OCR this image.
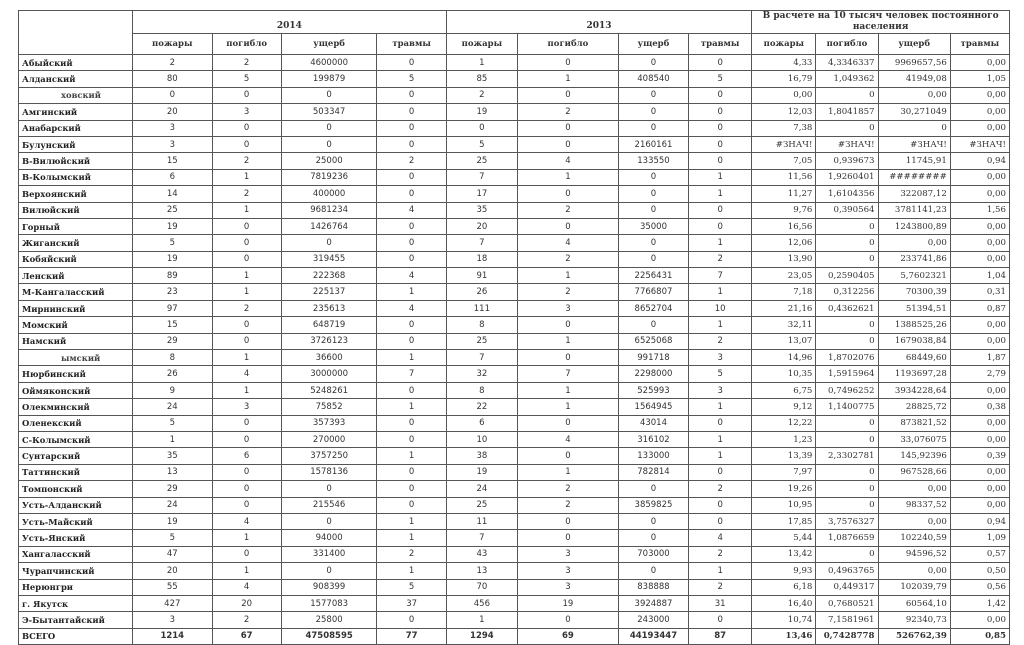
	2014				2013				В расчете на 10 тысяч человек постоянного населения			
	пожары	погибло	ущерб	травмы	пожары	погибло	ущерб	травмы	пожары	погибло	ущерб	травмы
Абыйский	2	2	4600000	0	1	0	0	0	4,33	4,3346337	9969657,56	0,00
Алданский	80	5	199879	5	85	1	408540	5	16,79	1,049362	41949,08	1,05
ховский	0	0	0	0	2	0	0	0	0,00	0	0,00	0,00
Амгинский	20	3	503347	0	19	2	0	0	12,03	1,8041857	30,271049	0,00
Анабарский	3	0	0	0	0	0	0	0	7,38	0	0	0,00
Булунский	3	0	0	0	5	0	2160161	0	#ЗНАЧ!	#ЗНАЧ!	#ЗНАЧ!	#ЗНАЧ!
В-Вилюйский	15	2	25000	2	25	4	133550	0	7,05	0,939673	11745,91	0,94
В-Колымский	6	1	7819236	0	7	1	0	1	11,56	1,9260401	########	0,00
Верхоянский	14	2	400000	0	17	0	0	1	11,27	1,6104356	322087,12	0,00
Вилюйский	25	1	9681234	4	35	2	0	0	9,76	0,390564	3781141,23	1,56
Горный	19	0	1426764	0	20	0	35000	0	16,56	0	1243800,89	0,00
Жиганский	5	0	0	0	7	4	0	1	12,06	0	0,00	0,00
Кобяйский	19	0	319455	0	18	2	0	2	13,90	0	233741,86	0,00
Ленский	89	1	222368	4	91	1	2256431	7	23,05	0,2590405	5,7602321	1,04
М-Кангаласский	23	1	225137	1	26	2	7766807	1	7,18	0,312256	70300,39	0,31
Мирнинский	97	2	235613	4	111	3	8652704	10	21,16	0,4362621	51394,51	0,87
Момский	15	0	648719	0	8	0	0	1	32,11	0	1388525,26	0,00
Намский	29	0	3726123	0	25	1	6525068	2	13,07	0	1679038,84	0,00
ымский	8	1	36600	1	7	0	991718	3	14,96	1,8702076	68449,60	1,87
Нюрбинский	26	4	3000000	7	32	7	2298000	5	10,35	1,5915964	1193697,28	2,79
Оймяконский	9	1	5248261	0	8	1	525993	3	6,75	0,7496252	3934228,64	0,00
Олекминский	24	3	75852	1	22	1	1564945	1	9,12	1,1400775	28825,72	0,38
Оленекский	5	0	357393	0	6	0	43014	0	12,22	0	873821,52	0,00
С-Колымский	1	0	270000	0	10	4	316102	1	1,23	0	33,076075	0,00
Сунтарский	35	6	3757250	1	38	0	133000	1	13,39	2,3302781	145,92396	0,39
Таттинский	13	0	1578136	0	19	1	782814	0	7,97	0	967528,66	0,00
Томпонский	29	0	0	0	24	2	0	2	19,26	0	0,00	0,00
Усть-Алданский	24	0	215546	0	25	2	3859825	0	10,95	0	98337,52	0,00
Усть-Майский	19	4	0	1	11	0	0	0	17,85	3,7576327	0,00	0,94
Усть-Янский	5	1	94000	1	7	0	0	4	5,44	1,0876659	102240,59	1,09
Хангаласский	47	0	331400	2	43	3	703000	2	13,42	0	94596,52	0,57
Чурапчинский	20	1	0	1	13	3	0	1	9,93	0,4963765	0,00	0,50
Нерюнгри	55	4	908399	5	70	3	838888	2	6,18	0,449317	102039,79	0,56
г. Якутск	427	20	1577083	37	456	19	3924887	31	16,40	0,7680521	60564,10	1,42
Э-Бытантайский	3	2	25800	0	1	0	243000	0	10,74	7,1581961	92340,73	0,00
ВСЕГО	1214	67	47508595	77	1294	69	44193447	87	13,46	0,7428778	526762,39	0,85
